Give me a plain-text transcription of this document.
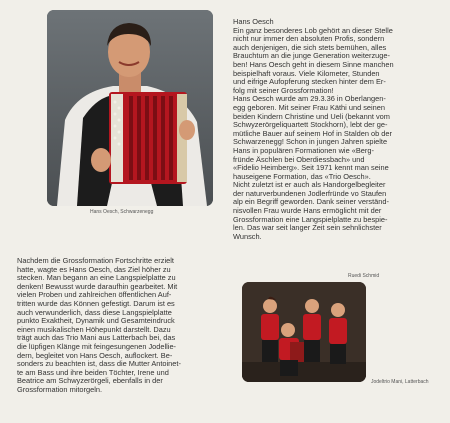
Hans Oesch, Schwarzenegg
Hans Oesch
Ein ganz besonderes Lob gehört an dieser Stelle
nicht nur immer den absoluten Profis, sondern
auch denjenigen, die sich stets bemühen, alles
Brauchtum an die junge Generation weiterzuge-
ben! Hans Oesch geht in diesem Sinne manchen
beispielhaft voraus. Viele Kilometer, Stunden
und eifrige Aufopferung stecken hinter dem Er-
folg mit seiner Grossformation!
Hans Oesch wurde am 29.3.36 in Oberlangen-
egg geboren. Mit seiner Frau Käthi und seinen
beiden Kindern Christine und Ueli (bekannt vom
Schwyzerörgeliquartett Stockhorn), lebt der ge-
mütliche Bauer auf seinem Hof in Stalden ob der
Schwarzenegg! Schon in jungen Jahren spielte
Hans in populären Formationen wie «Berg-
fründe Äschlen bei Oberdiessbach» und
«Fidelio Heimberg». Seit 1971 kennt man seine
hauseigene Formation, das «Trio Oesch».
Nicht zuletzt ist er auch als Handorgelbegleiter
der naturverbundenen Jodlerfründe vo Staufen
alp ein Begriff geworden. Dank seiner verständ-
nisvollen Frau wurde Hans ermöglicht mit der
Grossformation eine Langspielplatte zu bespie-
len. Das war seit langer Zeit sein sehnlichster
Wunsch.
Ruedi Schmid
Nachdem die Grossformation Fortschritte erzielt
hatte, wagte es Hans Oesch, das Ziel höher zu
stecken. Man begann an eine Langspielplatte zu
denken! Bewusst wurde daraufhin gearbeitet. Mit
vielen Proben und zahlreichen öffentlichen Auf-
tritten wurde das Können gefestigt. Darum ist es
auch verwunderlich, dass diese Langspielplatte
punkto Exaktheit, Dynamik und Gesamteindruck
einen musikalischen Höhepunkt darstellt. Dazu
trägt auch das Trio Mani aus Latterbach bei, das
die lüpfigen Klänge mit feingesungenen Jodellie-
dern, begleitet von Hans Oesch, auflockert. Be-
sonders zu beachten ist, dass die Mutter Antoinet-
te am Bass und ihre beiden Töchter, Irene und
Beatrice am Schwyzerörgeli, ebenfalls in der
Grossformation mitorgeln.
Jodeltrio Mani, Latterbach
